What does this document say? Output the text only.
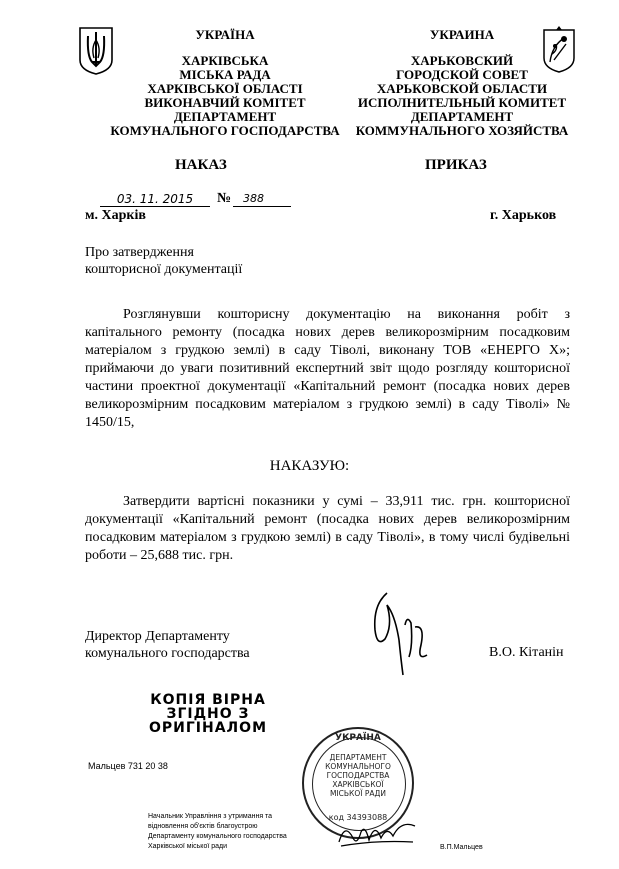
УКРАЇНА
ХАРКІВСЬКА
МІСЬКА РАДА
ХАРКІВСЬКОЇ ОБЛАСТІ
ВИКОНАВЧИЙ КОМІТЕТ
ДЕПАРТАМЕНТ
КОМУНАЛЬНОГО ГОСПОДАРСТВА
УКРАИНА
ХАРЬКОВСКИЙ
ГОРОДСКОЙ СОВЕТ
ХАРЬКОВСКОЙ ОБЛАСТИ
ИСПОЛНИТЕЛЬНЫЙ КОМИТЕТ
ДЕПАРТАМЕНТ
КОММУНАЛЬНОГО ХОЗЯЙСТВА
НАКАЗ	ПРИКАЗ
03. 11. 2015	№	388
м. Харків	г. Харьков
Про затвердження
кошторисної документації
Розглянувши кошторисну документацію на виконання робіт з капітального ремонту (посадка нових дерев великорозмірним посадковим матеріалом з грудкою землі) в саду Тіволі, виконану ТОВ «ЕНЕРГО Х»; приймаючи до уваги позитивний експертний звіт щодо розгляду кошторисної частини проектної документації «Капітальний ремонт (посадка нових дерев великорозмірним посадковим матеріалом з грудкою землі) в саду Тіволі» № 1450/15,
НАКАЗУЮ:
Затвердити вартісні показники у сумі – 33,911 тис. грн. кошторисної документації «Капітальний ремонт (посадка нових дерев великорозмірним посадковим матеріалом з грудкою землі) в саду Тіволі», в тому числі будівельні роботи – 25,688 тис. грн.
Директор Департаменту
комунального господарства	В.О. Кітанін
КОПІЯ ВІРНА
ЗГІДНО З
ОРИГІНАЛОМ
Мальцев 731 20 38
УКРАЇНА
ДЕПАРТАМЕНТ
КОМУНАЛЬНОГО
ГОСПОДАРСТВА
ХАРКІВСЬКОЇ
МІСЬКОЇ РАДИ
код 34393088
Начальник Управління з утримання та
відновлення об'єктів благоустрою
Департаменту комунального господарства
Харківської міської ради	В.П.Мальцев
